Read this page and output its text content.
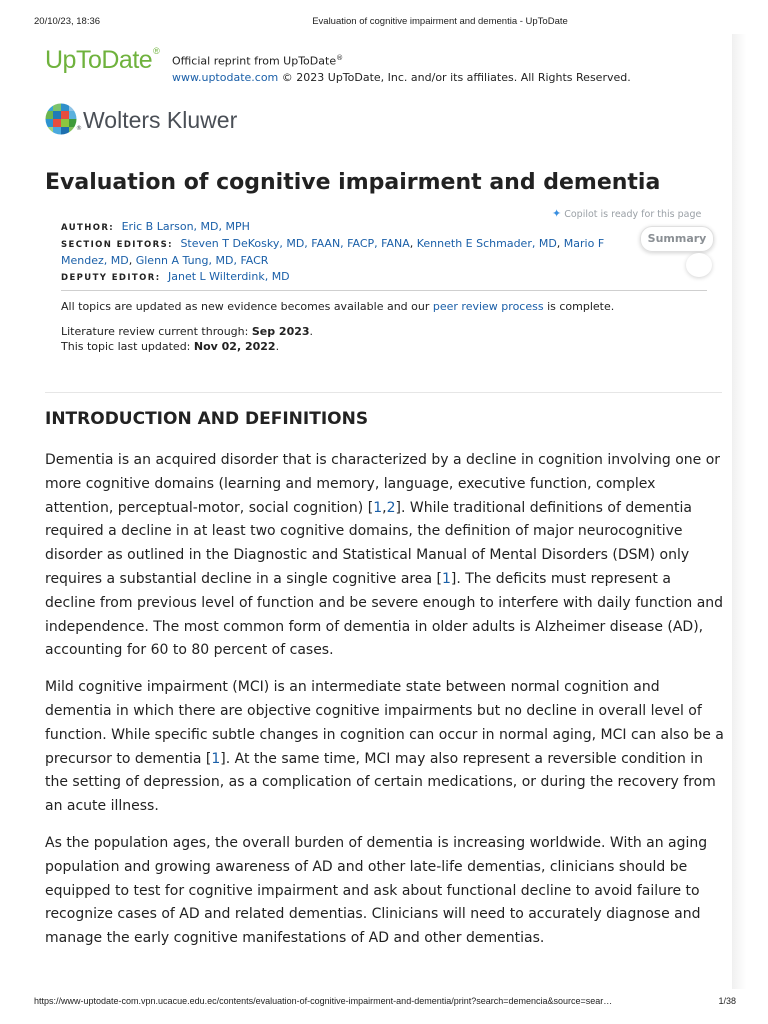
20/10/23, 18:36	Evaluation of cognitive impairment and dementia - UpToDate
UpToDate®
Official reprint from UpToDate®
www.uptodate.com © 2023 UpToDate, Inc. and/or its affiliates. All Rights Reserved.
® Wolters Kluwer
Evaluation of cognitive impairment and dementia
AUTHOR: Eric B Larson, MD, MPH
SECTION EDITORS: Steven T DeKosky, MD, FAAN, FACP, FANA, Kenneth E Schmader, MD, Mario F Mendez, MD, Glenn A Tung, MD, FACR
DEPUTY EDITOR: Janet L Wilterdink, MD
✦ Copilot is ready for this page
Summary
All topics are updated as new evidence becomes available and our peer review process is complete.
Literature review current through: Sep 2023.
This topic last updated: Nov 02, 2022.
INTRODUCTION AND DEFINITIONS

Dementia is an acquired disorder that is characterized by a decline in cognition involving one or more cognitive domains (learning and memory, language, executive function, complex attention, perceptual-motor, social cognition) [1,2]. While traditional definitions of dementia required a decline in at least two cognitive domains, the definition of major neurocognitive disorder as outlined in the Diagnostic and Statistical Manual of Mental Disorders (DSM) only requires a substantial decline in a single cognitive area [1]. The deficits must represent a decline from previous level of function and be severe enough to interfere with daily function and independence. The most common form of dementia in older adults is Alzheimer disease (AD), accounting for 60 to 80 percent of cases.

Mild cognitive impairment (MCI) is an intermediate state between normal cognition and dementia in which there are objective cognitive impairments but no decline in overall level of function. While specific subtle changes in cognition can occur in normal aging, MCI can also be a precursor to dementia [1]. At the same time, MCI may also represent a reversible condition in the setting of depression, as a complication of certain medications, or during the recovery from an acute illness.

As the population ages, the overall burden of dementia is increasing worldwide. With an aging population and growing awareness of AD and other late-life dementias, clinicians should be equipped to test for cognitive impairment and ask about functional decline to avoid failure to recognize cases of AD and related dementias. Clinicians will need to accurately diagnose and manage the early cognitive manifestations of AD and other dementias.

https://www-uptodate-com.vpn.ucacue.edu.ec/contents/evaluation-of-cognitive-impairment-and-dementia/print?search=demencia&source=sear…	1/38
